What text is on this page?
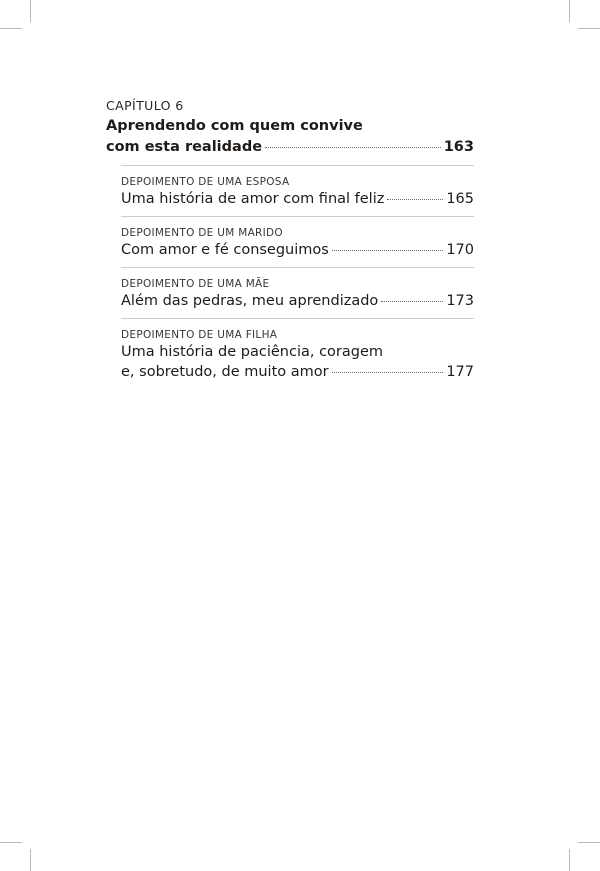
CAPÍTULO 6
Aprendendo com quem convive
com esta realidade	163
DEPOIMENTO DE UMA ESPOSA
Uma história de amor com final feliz	165
DEPOIMENTO DE UM MARIDO
Com amor e fé conseguimos	170
DEPOIMENTO DE UMA MÃE
Além das pedras, meu aprendizado	173
DEPOIMENTO DE UMA FILHA
Uma história de paciência, coragem
e, sobretudo, de muito amor	177
